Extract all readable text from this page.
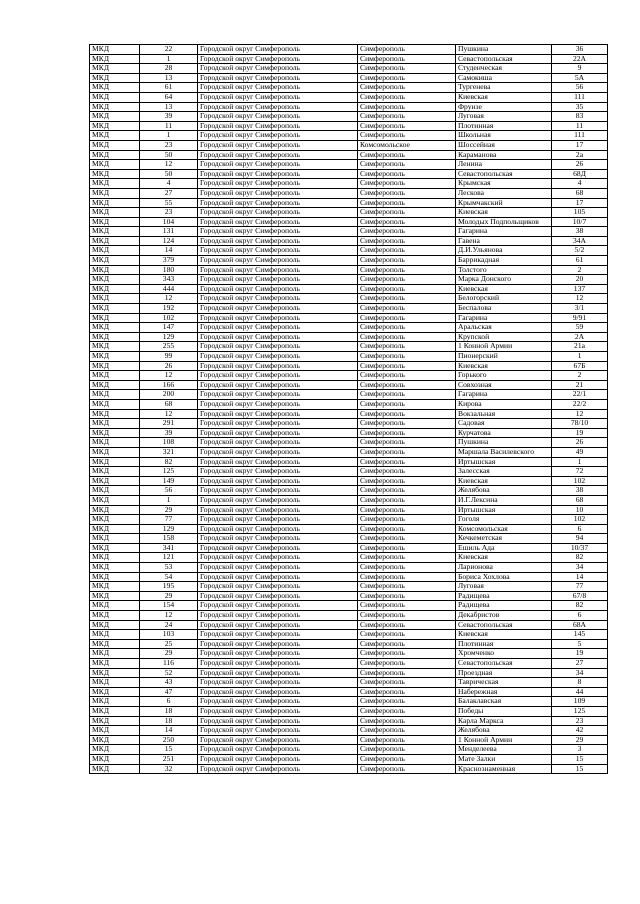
МКД	22	Городской округ Симферополь	Симферополь	Пушкина	36
МКД	1	Городской округ Симферополь	Симферополь	Севастопольская	22А
МКД	28	Городской округ Симферополь	Симферополь	Студенческая	9
МКД	13	Городской округ Симферополь	Симферополь	Самокиша	5А
МКД	61	Городской округ Симферополь	Симферополь	Тургенева	56
МКД	64	Городской округ Симферополь	Симферополь	Киевская	111
МКД	13	Городской округ Симферополь	Симферополь	Фрунзе	35
МКД	39	Городской округ Симферополь	Симферополь	Луговая	83
МКД	11	Городской округ Симферополь	Симферополь	Плотинная	11
МКД	1	Городской округ Симферополь	Симферополь	Школьная	111
МКД	23	Городской округ Симферополь	Комсомольское	Шоссейная	17
МКД	50	Городской округ Симферополь	Симферополь	Караманова	2а
МКД	12	Городской округ Симферополь	Симферополь	Ленина	26
МКД	50	Городской округ Симферополь	Симферополь	Севастопольская	68Д
МКД	4	Городской округ Симферополь	Симферополь	Крымская	4
МКД	27	Городской округ Симферополь	Симферополь	Лескова	68
МКД	55	Городской округ Симферополь	Симферополь	Крымчакский	17
МКД	23	Городской округ Симферополь	Симферополь	Киевская	105
МКД	104	Городской округ Симферополь	Симферополь	Молодых Подпольщиков	10/7
МКД	131	Городской округ Симферополь	Симферополь	Гагарина	38
МКД	124	Городской округ Симферополь	Симферополь	Гавена	34А
МКД	14	Городской округ Симферополь	Симферополь	Д.И.Ульянова	5/2
МКД	379	Городской округ Симферополь	Симферополь	Баррикадная	61
МКД	180	Городской округ Симферополь	Симферополь	Толстого	2
МКД	343	Городской округ Симферополь	Симферополь	Марка Донского	20
МКД	444	Городской округ Симферополь	Симферополь	Киевская	137
МКД	12	Городской округ Симферополь	Симферополь	Белогорский	12
МКД	192	Городской округ Симферополь	Симферополь	Беспалова	3/1
МКД	102	Городской округ Симферополь	Симферополь	Гагарина	9/91
МКД	147	Городской округ Симферополь	Симферополь	Аральская	59
МКД	129	Городской округ Симферополь	Симферополь	Крупской	2А
МКД	255	Городской округ Симферополь	Симферополь	1 Конной Армии	21а
МКД	99	Городской округ Симферополь	Симферополь	Пионерский	1
МКД	26	Городской округ Симферополь	Симферополь	Киевская	67Б
МКД	12	Городской округ Симферополь	Симферополь	Горького	2
МКД	166	Городской округ Симферополь	Симферополь	Совхозная	21
МКД	200	Городской округ Симферополь	Симферополь	Гагарина	22/1
МКД	68	Городской округ Симферополь	Симферополь	Кирова	22/2
МКД	12	Городской округ Симферополь	Симферополь	Вокзальная	12
МКД	291	Городской округ Симферополь	Симферополь	Садовая	78/10
МКД	39	Городской округ Симферополь	Симферополь	Курчатова	19
МКД	108	Городской округ Симферополь	Симферополь	Пушкина	26
МКД	321	Городской округ Симферополь	Симферополь	Маршала Василевского	49
МКД	82	Городской округ Симферополь	Симферополь	Иртышская	1
МКД	125	Городской округ Симферополь	Симферополь	Залесская	72
МКД	149	Городской округ Симферополь	Симферополь	Киевская	102
МКД	56	Городской округ Симферополь	Симферополь	Желябова	38
МКД	1	Городской округ Симферополь	Симферополь	И.Г.Лексина	68
МКД	29	Городской округ Симферополь	Симферополь	Иртышская	10
МКД	77	Городской округ Симферополь	Симферополь	Гоголя	102
МКД	129	Городской округ Симферополь	Симферополь	Комсомольская	6
МКД	158	Городской округ Симферополь	Симферополь	Кечкеметская	94
МКД	341	Городской округ Симферополь	Симферополь	Ешиль Ада	10/37
МКД	121	Городской округ Симферополь	Симферополь	Киевская	82
МКД	53	Городской округ Симферополь	Симферополь	Ларионова	34
МКД	54	Городской округ Симферополь	Симферополь	Бориса Хохлова	14
МКД	195	Городской округ Симферополь	Симферополь	Луговая	77
МКД	29	Городской округ Симферополь	Симферополь	Радищева	67/8
МКД	154	Городской округ Симферополь	Симферополь	Радищева	82
МКД	12	Городской округ Симферополь	Симферополь	Декабристов	6
МКД	24	Городской округ Симферополь	Симферополь	Севастопольская	68А
МКД	103	Городской округ Симферополь	Симферополь	Киевская	145
МКД	25	Городской округ Симферополь	Симферополь	Плотинная	5
МКД	29	Городской округ Симферополь	Симферополь	Хромченко	19
МКД	116	Городской округ Симферополь	Симферополь	Севастопольская	27
МКД	52	Городской округ Симферополь	Симферополь	Проездная	34
МКД	43	Городской округ Симферополь	Симферополь	Таврическая	8
МКД	47	Городской округ Симферополь	Симферополь	Набережная	44
МКД	6	Городской округ Симферополь	Симферополь	Балаклавская	109
МКД	18	Городской округ Симферополь	Симферополь	Победы	125
МКД	18	Городской округ Симферополь	Симферополь	Карла Маркса	23
МКД	14	Городской округ Симферополь	Симферополь	Желябова	42
МКД	250	Городской округ Симферополь	Симферополь	1 Конной Армии	29
МКД	15	Городской округ Симферополь	Симферополь	Менделеева	3
МКД	251	Городской округ Симферополь	Симферополь	Мате Залки	15
МКД	32	Городской округ Симферополь	Симферополь	Краснознаменная	15
